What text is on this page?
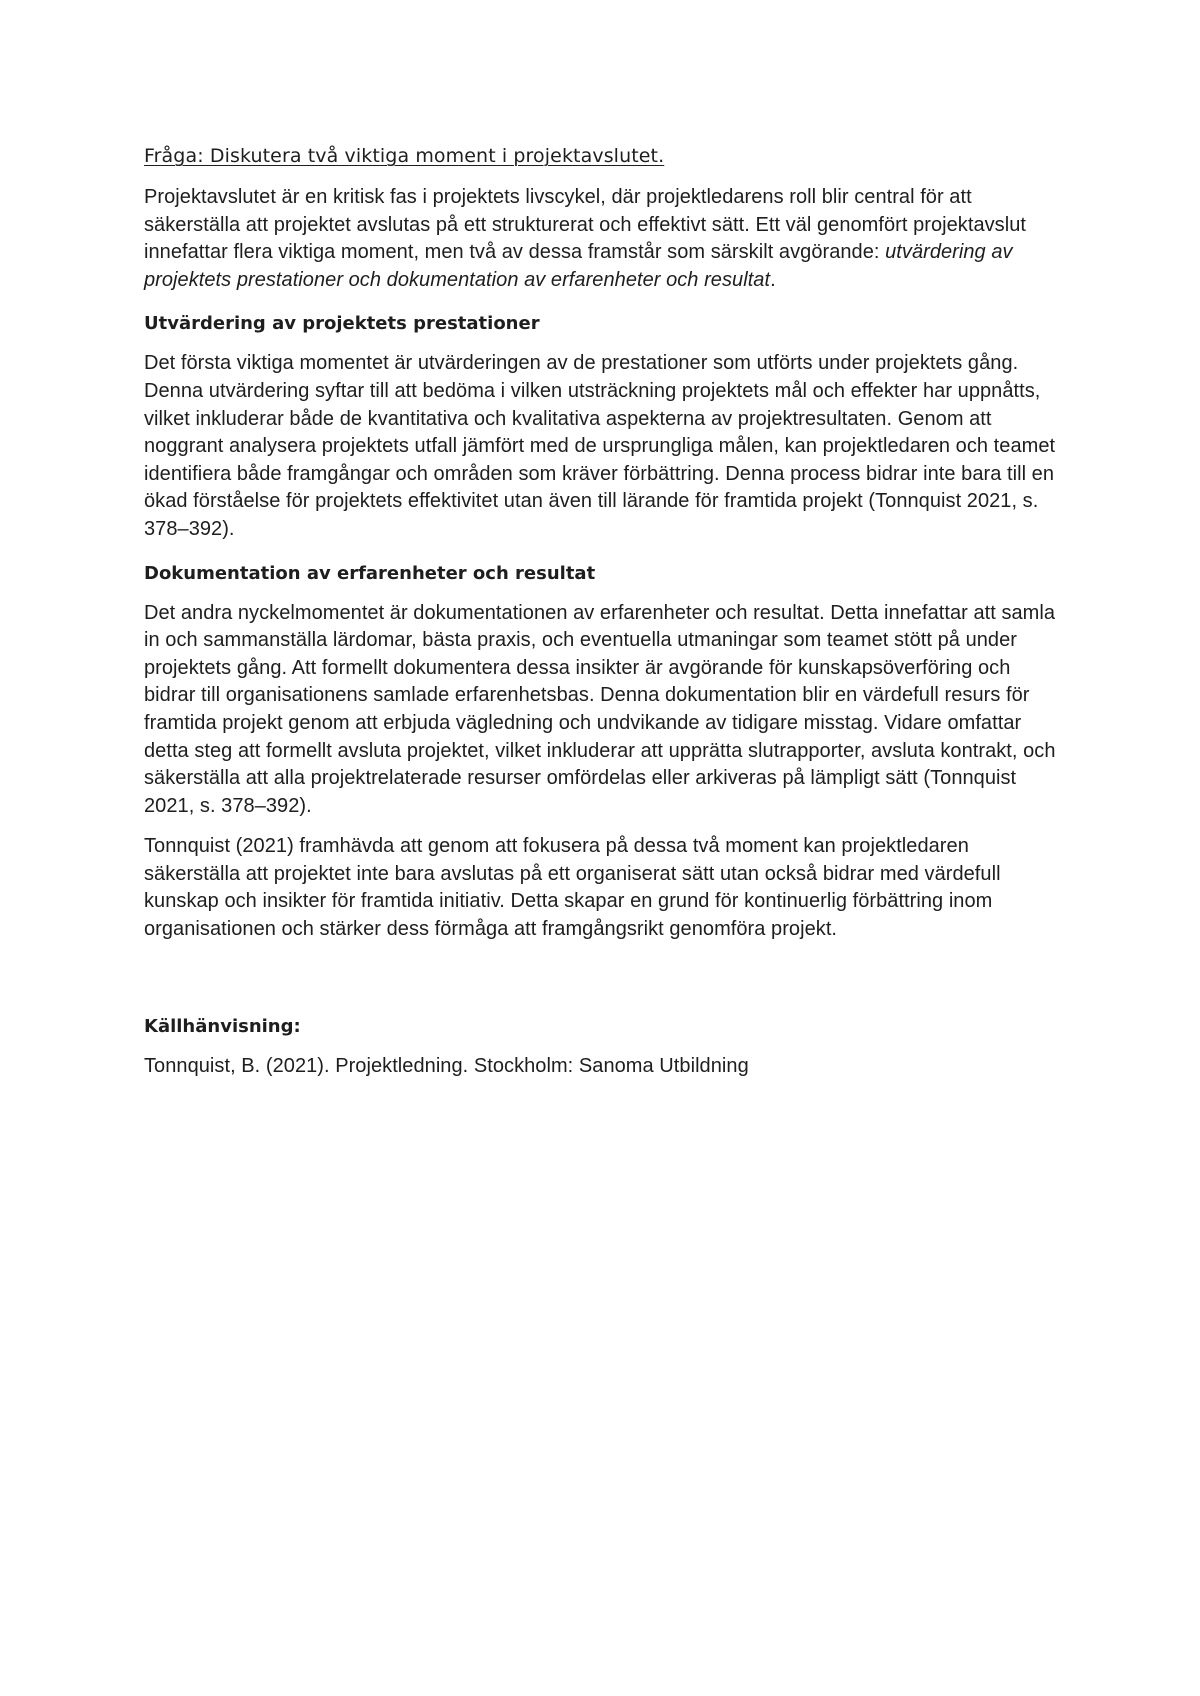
Fråga: Diskutera två viktiga moment i projektavslutet.

Projektavslutet är en kritisk fas i projektets livscykel, där projektledarens roll blir central för att säkerställa att projektet avslutas på ett strukturerat och effektivt sätt. Ett väl genomfört projektavslut innefattar flera viktiga moment, men två av dessa framstår som särskilt avgörande: utvärdering av projektets prestationer och dokumentation av erfarenheter och resultat.

Utvärdering av projektets prestationer

Det första viktiga momentet är utvärderingen av de prestationer som utförts under projektets gång. Denna utvärdering syftar till att bedöma i vilken utsträckning projektets mål och effekter har uppnåtts, vilket inkluderar både de kvantitativa och kvalitativa aspekterna av projektresultaten. Genom att noggrant analysera projektets utfall jämfört med de ursprungliga målen, kan projektledaren och teamet identifiera både framgångar och områden som kräver förbättring. Denna process bidrar inte bara till en ökad förståelse för projektets effektivitet utan även till lärande för framtida projekt (Tonnquist 2021, s. 378–392).

Dokumentation av erfarenheter och resultat

Det andra nyckelmomentet är dokumentationen av erfarenheter och resultat. Detta innefattar att samla in och sammanställa lärdomar, bästa praxis, och eventuella utmaningar som teamet stött på under projektets gång. Att formellt dokumentera dessa insikter är avgörande för kunskapsöverföring och bidrar till organisationens samlade erfarenhetsbas. Denna dokumentation blir en värdefull resurs för framtida projekt genom att erbjuda vägledning och undvikande av tidigare misstag. Vidare omfattar detta steg att formellt avsluta projektet, vilket inkluderar att upprätta slutrapporter, avsluta kontrakt, och säkerställa att alla projektrelaterade resurser omfördelas eller arkiveras på lämpligt sätt (Tonnquist 2021, s. 378–392).

Tonnquist (2021) framhävda att genom att fokusera på dessa två moment kan projektledaren säkerställa att projektet inte bara avslutas på ett organiserat sätt utan också bidrar med värdefull kunskap och insikter för framtida initiativ. Detta skapar en grund för kontinuerlig förbättring inom organisationen och stärker dess förmåga att framgångsrikt genomföra projekt.

Källhänvisning:

Tonnquist, B. (2021). Projektledning. Stockholm: Sanoma Utbildning
